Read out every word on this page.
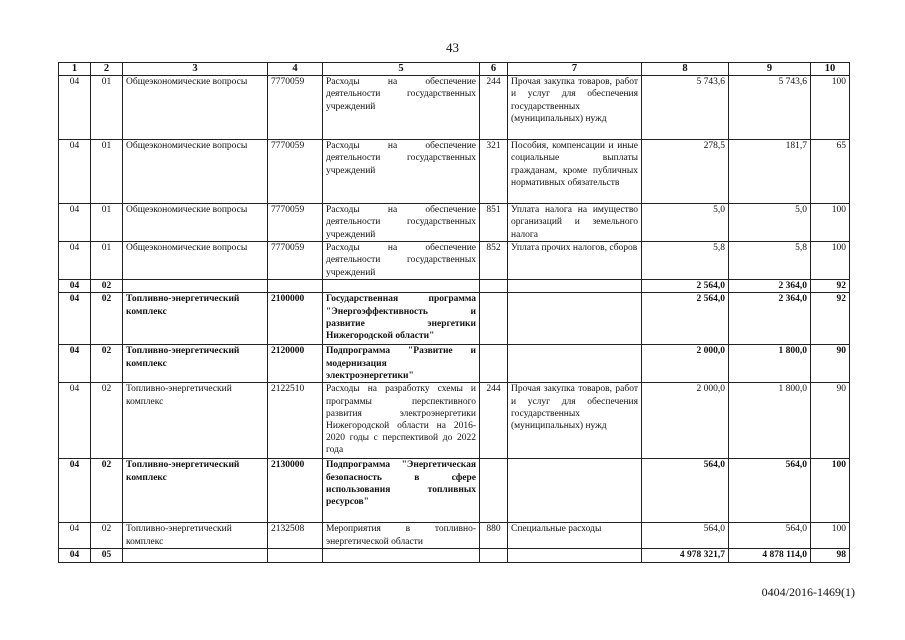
43
1	2	3	4	5	6	7	8	9	10
04	01	Общеэкономические вопросы	7770059	Расходы на обеспечение деятельности государственных учреждений	244	Прочая закупка товаров, работ и услуг для обеспечения государственных (муниципальных) нужд	5 743,6	5 743,6	100
04	01	Общеэкономические вопросы	7770059	Расходы на обеспечение деятельности государственных учреждений	321	Пособия, компенсации и иные социальные выплаты гражданам, кроме публичных нормативных обязательств	278,5	181,7	65
04	01	Общеэкономические вопросы	7770059	Расходы на обеспечение деятельности государственных учреждений	851	Уплата налога на имущество организаций и земельного налога	5,0	5,0	100
04	01	Общеэкономические вопросы	7770059	Расходы на обеспечение деятельности государственных учреждений	852	Уплата прочих налогов, сборов	5,8	5,8	100
04	02						2 564,0	2 364,0	92
04	02	Топливно-энергетический комплекс	2100000	Государственная программа "Энергоэффективность и развитие энергетики Нижегородской области"			2 564,0	2 364,0	92
04	02	Топливно-энергетический комплекс	2120000	Подпрограмма "Развитие и модернизация электроэнергетики"			2 000,0	1 800,0	90
04	02	Топливно-энергетический комплекс	2122510	Расходы на разработку схемы и программы перспективного развития электроэнергетики Нижегородской области на 2016-2020 годы с перспективой до 2022 года	244	Прочая закупка товаров, работ и услуг для обеспечения государственных (муниципальных) нужд	2 000,0	1 800,0	90
04	02	Топливно-энергетический комплекс	2130000	Подпрограмма "Энергетическая безопасность в сфере использования топливных ресурсов"			564,0	564,0	100
04	02	Топливно-энергетический комплекс	2132508	Мероприятия в топливно-энергетической области	880	Специальные расходы	564,0	564,0	100
04	05						4 978 321,7	4 878 114,0	98
0404/2016-1469(1)
